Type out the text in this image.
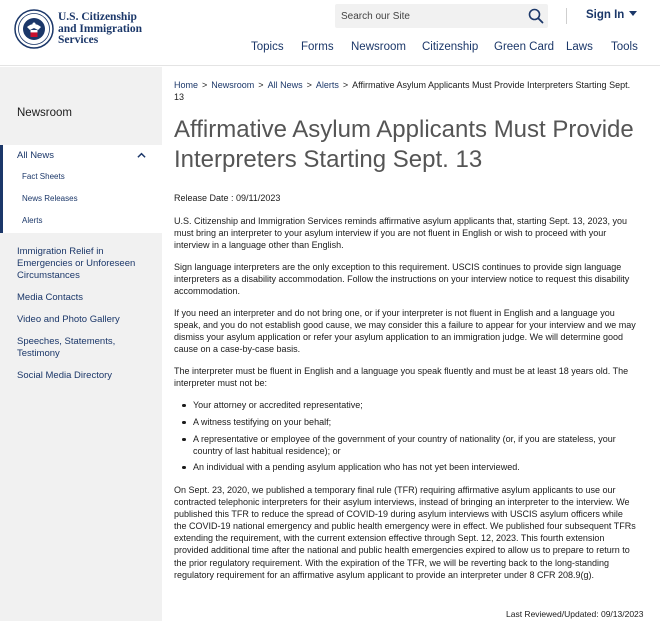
U.S. Citizenship
and Immigration
Services
Search our Site
Sign In
Topics Forms Newsroom Citizenship Green Card Laws Tools
Newsroom
All News
Fact Sheets
News Releases
Alerts
Immigration Relief in Emergencies or Unforeseen Circumstances
Media Contacts
Video and Photo Gallery
Speeches, Statements, Testimony
Social Media Directory
Home > Newsroom > All News > Alerts > Affirmative Asylum Applicants Must Provide Interpreters Starting Sept. 13
Affirmative Asylum Applicants Must Provide Interpreters Starting Sept. 13
Release Date : 09/11/2023

U.S. Citizenship and Immigration Services reminds affirmative asylum applicants that, starting Sept. 13, 2023, you must bring an interpreter to your asylum interview if you are not fluent in English or wish to proceed with your interview in a language other than English.

Sign language interpreters are the only exception to this requirement. USCIS continues to provide sign language interpreters as a disability accommodation. Follow the instructions on your interview notice to request this disability accommodation.

If you need an interpreter and do not bring one, or if your interpreter is not fluent in English and a language you speak, and you do not establish good cause, we may consider this a failure to appear for your interview and we may dismiss your asylum application or refer your asylum application to an immigration judge. We will determine good cause on a case-by-case basis.

The interpreter must be fluent in English and a language you speak fluently and must be at least 18 years old. The interpreter must not be:

Your attorney or accredited representative;
A witness testifying on your behalf;
A representative or employee of the government of your country of nationality (or, if you are stateless, your country of last habitual residence); or
An individual with a pending asylum application who has not yet been interviewed.

On Sept. 23, 2020, we published a temporary final rule (TFR) requiring affirmative asylum applicants to use our contracted telephonic interpreters for their asylum interviews, instead of bringing an interpreter to the interview. We published this TFR to reduce the spread of COVID-19 during asylum interviews with USCIS asylum officers while the COVID-19 national emergency and public health emergency were in effect. We published four subsequent TFRs extending the requirement, with the current extension effective through Sept. 12, 2023. This fourth extension provided additional time after the national and public health emergencies expired to allow us to prepare to return to the prior regulatory requirement. With the expiration of the TFR, we will be reverting back to the long-standing regulatory requirement for an affirmative asylum applicant to provide an interpreter under 8 CFR 208.9(g).

Last Reviewed/Updated: 09/13/2023
